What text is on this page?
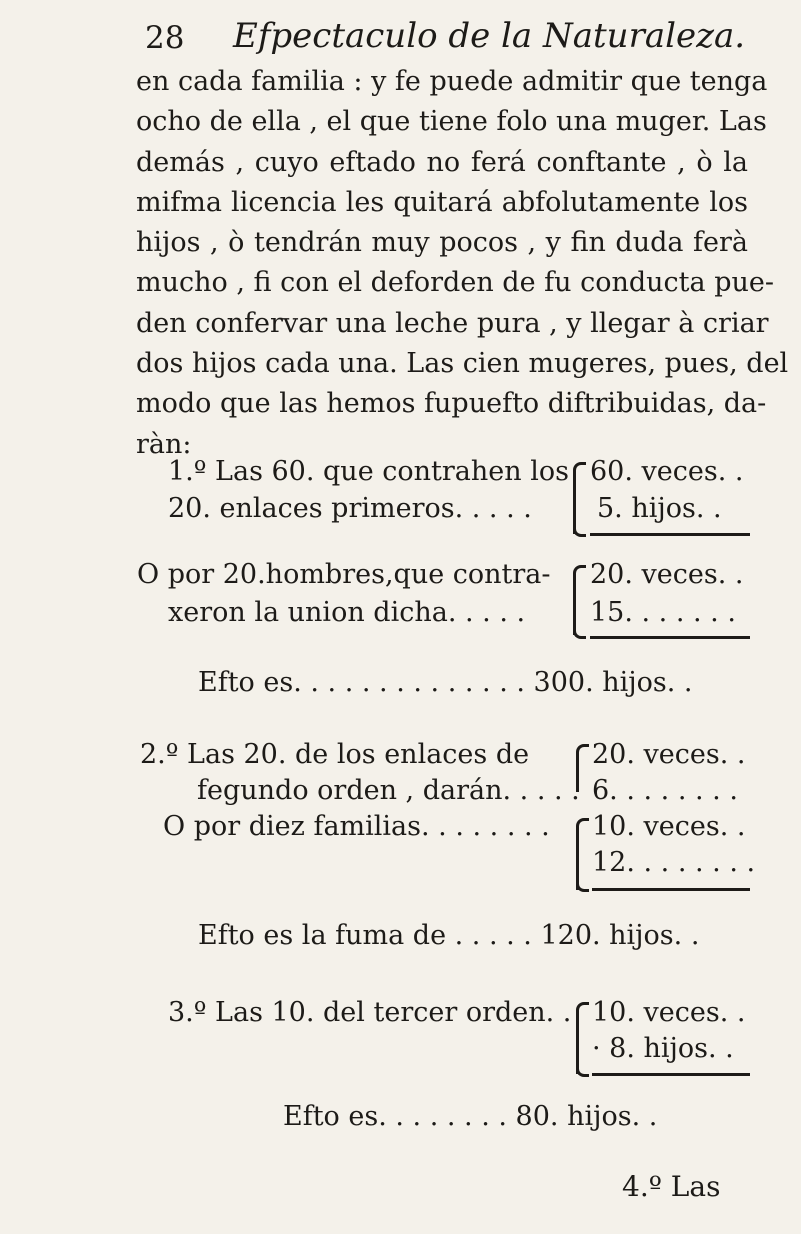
28 Efpectaculo de la Naturaleza.
en cada familia : y fe puede admitir que tenga
ocho de ella , el que tiene folo una muger. Las
demás , cuyo eftado no ferá conftante , ò la
mifma licencia les quitará abfolutamente los
hijos , ò tendrán muy pocos , y fin duda ferà
mucho , fi con el deforden de fu conducta pue-
den confervar una leche pura , y llegar à criar
dos hijos cada una. Las cien mugeres, pues, del
modo que las hemos fupuefto diftribuidas, da-
ràn:
1.º Las 60. que contrahen los
20. enlaces primeros. . . . .
60. veces. .
5. hijos. .
O por 20.hombres,que contra-
xeron la union dicha. . . . .
20. veces. .
15. . . . . . .
Efto es. . . . . . . . . . . . . . 300. hijos. .
2.º Las 20. de los enlaces de
fegundo orden , darán. . . . .
20. veces. .
6. . . . . . . .
O por diez familias. . . . . . . . 10. veces. .
12. . . . . . . .
Efto es la fuma de . . . . . 120. hijos. .
3.º Las 10. del tercer orden. . 10. veces. .
· 8. hijos. .
Efto es. . . . . . . . 80. hijos. .
4.º Las
